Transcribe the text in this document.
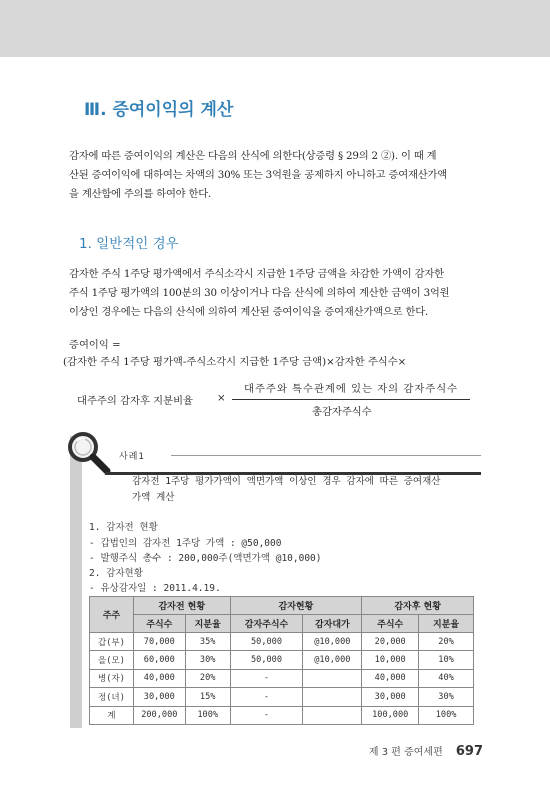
Ⅲ. 증여이익의 계산
감자에 따른 증여이익의 계산은 다음의 산식에 의한다(상증령 § 29의 2 ②). 이 때 계
산된 증여이익에 대하여는 차액의 30% 또는 3억원을 공제하지 아니하고 증여재산가액
을 계산함에 주의를 하여야 한다.
1. 일반적인 경우
감자한 주식 1주당 평가액에서 주식소각시 지급한 1주당 금액을 차감한 가액이 감자한
주식 1주당 평가액의 100분의 30 이상이거나 다음 산식에 의하여 계산한 금액이 3억원
이상인 경우에는 다음의 산식에 의하여 계산된 증여이익을 증여재산가액으로 한다.
증여이익 =
(감자한 주식 1주당 평가액-주식소각시 지급한 1주당 금액)×감자한 주식수×
대주주의 감자후 지분비율 ×
대주주와 특수관계에 있는 자의 감자주식수
총감자주식수
사례1
감자전 1주당 평가가액이 액면가액 이상인 경우 감자에 따른 증여재산
가액 계산
1. 감자전 현황
- 갑법인의 감자전 1주당 가액 : @50,000
- 발행주식 총수 : 200,000주(액면가액 @10,000)
2. 감자현황
- 유상감자일 : 2011.4.19.
주주	감자전 현황		감자현황		감자후 현황	
	주식수	지분율	감자주식수	감자대가	주식수	지분율
갑(부)	70,000	35%	50,000	@10,000	20,000	20%
을(모)	60,000	30%	50,000	@10,000	10,000	10%
병(자)	40,000	20%	-		40,000	40%
정(녀)	30,000	15%	-		30,000	30%
계	200,000	100%	-		100,000	100%
제 3 편 증여세편 697
